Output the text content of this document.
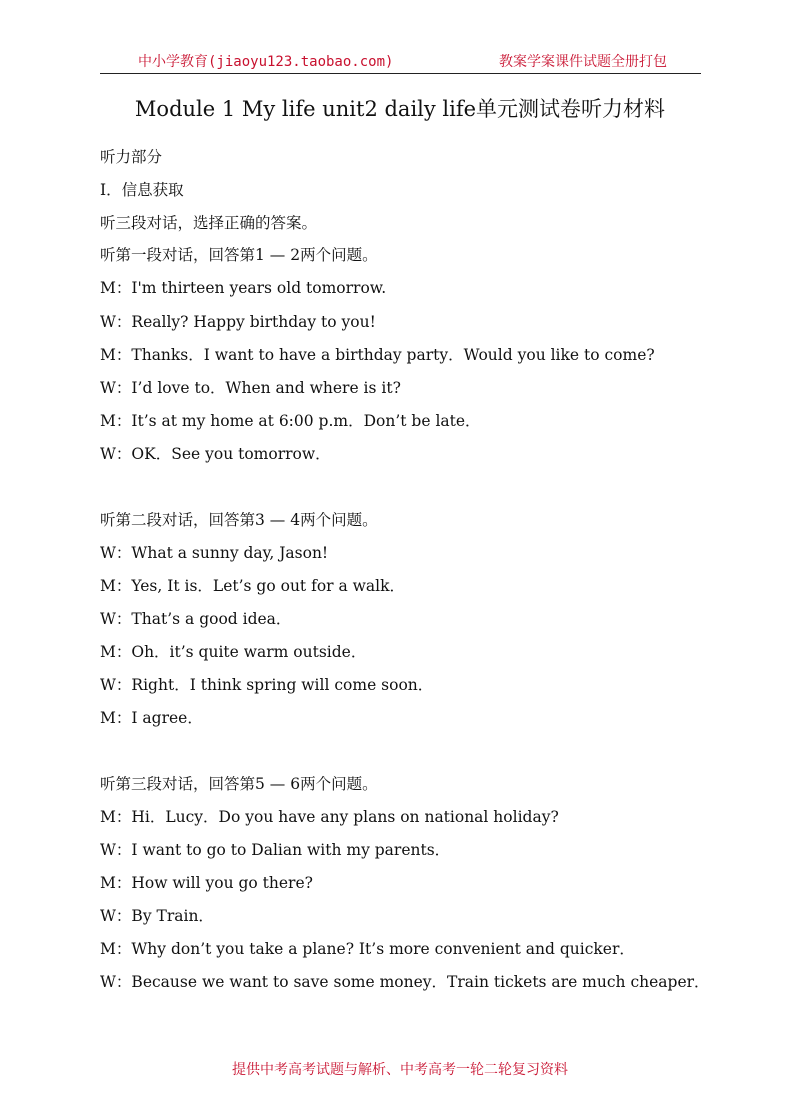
中小学教育(jiaoyu123.taobao.com)	教案学案课件试题全册打包
Module 1 My life unit2 daily life单元测试卷听力材料
听力部分
I．信息获取
听三段对话，选择正确的答案。
听第一段对话，回答第1 — 2两个问题。
M：I'm thirteen years old tomorrow.
W：Really? Happy birthday to you!
M：Thanks．I want to have a birthday party．Would you like to come?
W：I’d love to．When and where is it?
M：It’s at my home at 6:00 p.m．Don’t be late．
W：OK．See you tomorrow．
听第二段对话，回答第3 — 4两个问题。
W：What a sunny day, Jason!
M：Yes, It is．Let’s go out for a walk．
W：That’s a good idea．
M：Oh．it’s quite warm outside．
W：Right．I think spring will come soon．
M：I agree．
听第三段对话，回答第5 — 6两个问题。
M：Hi．Lucy．Do you have any plans on national holiday?
W：I want to go to Dalian with my parents．
M：How will you go there?
W：By Train．
M：Why don’t you take a plane? It’s more convenient and quicker．
W：Because we want to save some money．Train tickets are much cheaper．
提供中考高考试题与解析、中考高考一轮二轮复习资料
